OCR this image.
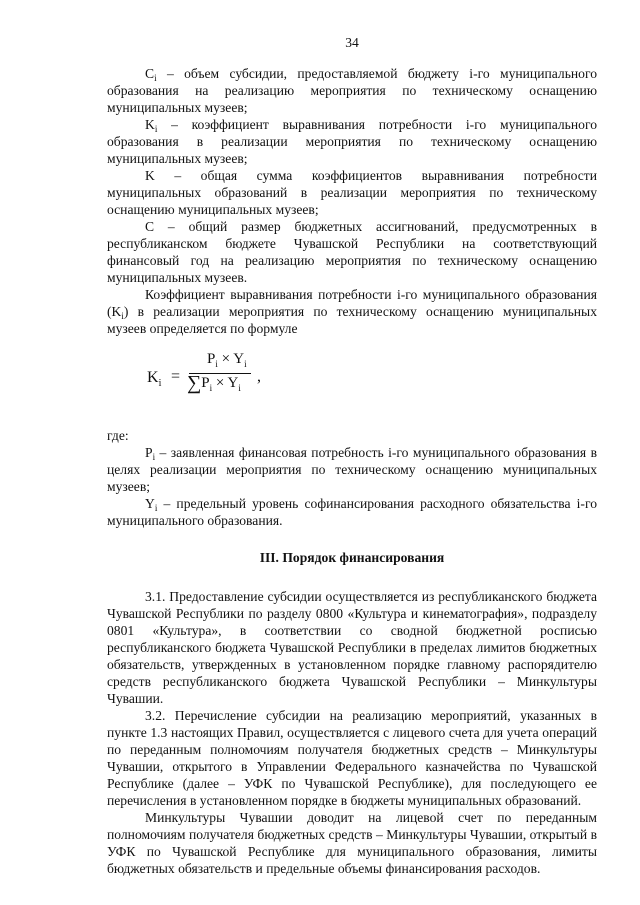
34

$C_i$ – объем субсидии, предоставляемой бюджету i-го муниципального образования на реализацию мероприятия по техническому оснащению муниципальных музеев;

$K_i$ – коэффициент выравнивания потребности i-го муниципального образования в реализации мероприятия по техническому оснащению муниципальных музеев;

K – общая сумма коэффициентов выравнивания потребности муниципальных образований в реализации мероприятия по техническому оснащению муниципальных музеев;

C – общий размер бюджетных ассигнований, предусмотренных в республиканском бюджете Чувашской Республики на соответствующий финансовый год на реализацию мероприятия по техническому оснащению муниципальных музеев.

Коэффициент выравнивания потребности i-го муниципального образования $(K_i)$ в реализации мероприятия по техническому оснащению муниципальных музеев определяется по формуле

$K_i$ =
$P_i \times Y_i$
$\sum P_i \times Y_i$
,

где:

$P_i$ – заявленная финансовая потребность i-го муниципального образования в целях реализации мероприятия по техническому оснащению муниципальных музеев;

$Y_i$ – предельный уровень софинансирования расходного обязательства i-го муниципального образования.

III. Порядок финансирования

3.1. Предоставление субсидии осуществляется из республиканского бюджета Чувашской Республики по разделу 0800 «Культура и кинематография», подразделу 0801 «Культура», в соответствии со сводной бюджетной росписью республиканского бюджета Чувашской Республики в пределах лимитов бюджетных обязательств, утвержденных в установленном порядке главному распорядителю средств республиканского бюджета Чувашской Республики – Минкультуры Чувашии.

3.2. Перечисление субсидии на реализацию мероприятий, указанных в пункте 1.3 настоящих Правил, осуществляется с лицевого счета для учета операций по переданным полномочиям получателя бюджетных средств – Минкультуры Чувашии, открытого в Управлении Федерального казначейства по Чувашской Республике (далее – УФК по Чувашской Республике), для последующего ее перечисления в установленном порядке в бюджеты муниципальных образований.

Минкультуры Чувашии доводит на лицевой счет по переданным полномочиям получателя бюджетных средств – Минкультуры Чувашии, открытый в УФК по Чувашской Республике для муниципального образования, лимиты бюджетных обязательств и предельные объемы финансирования расходов.
